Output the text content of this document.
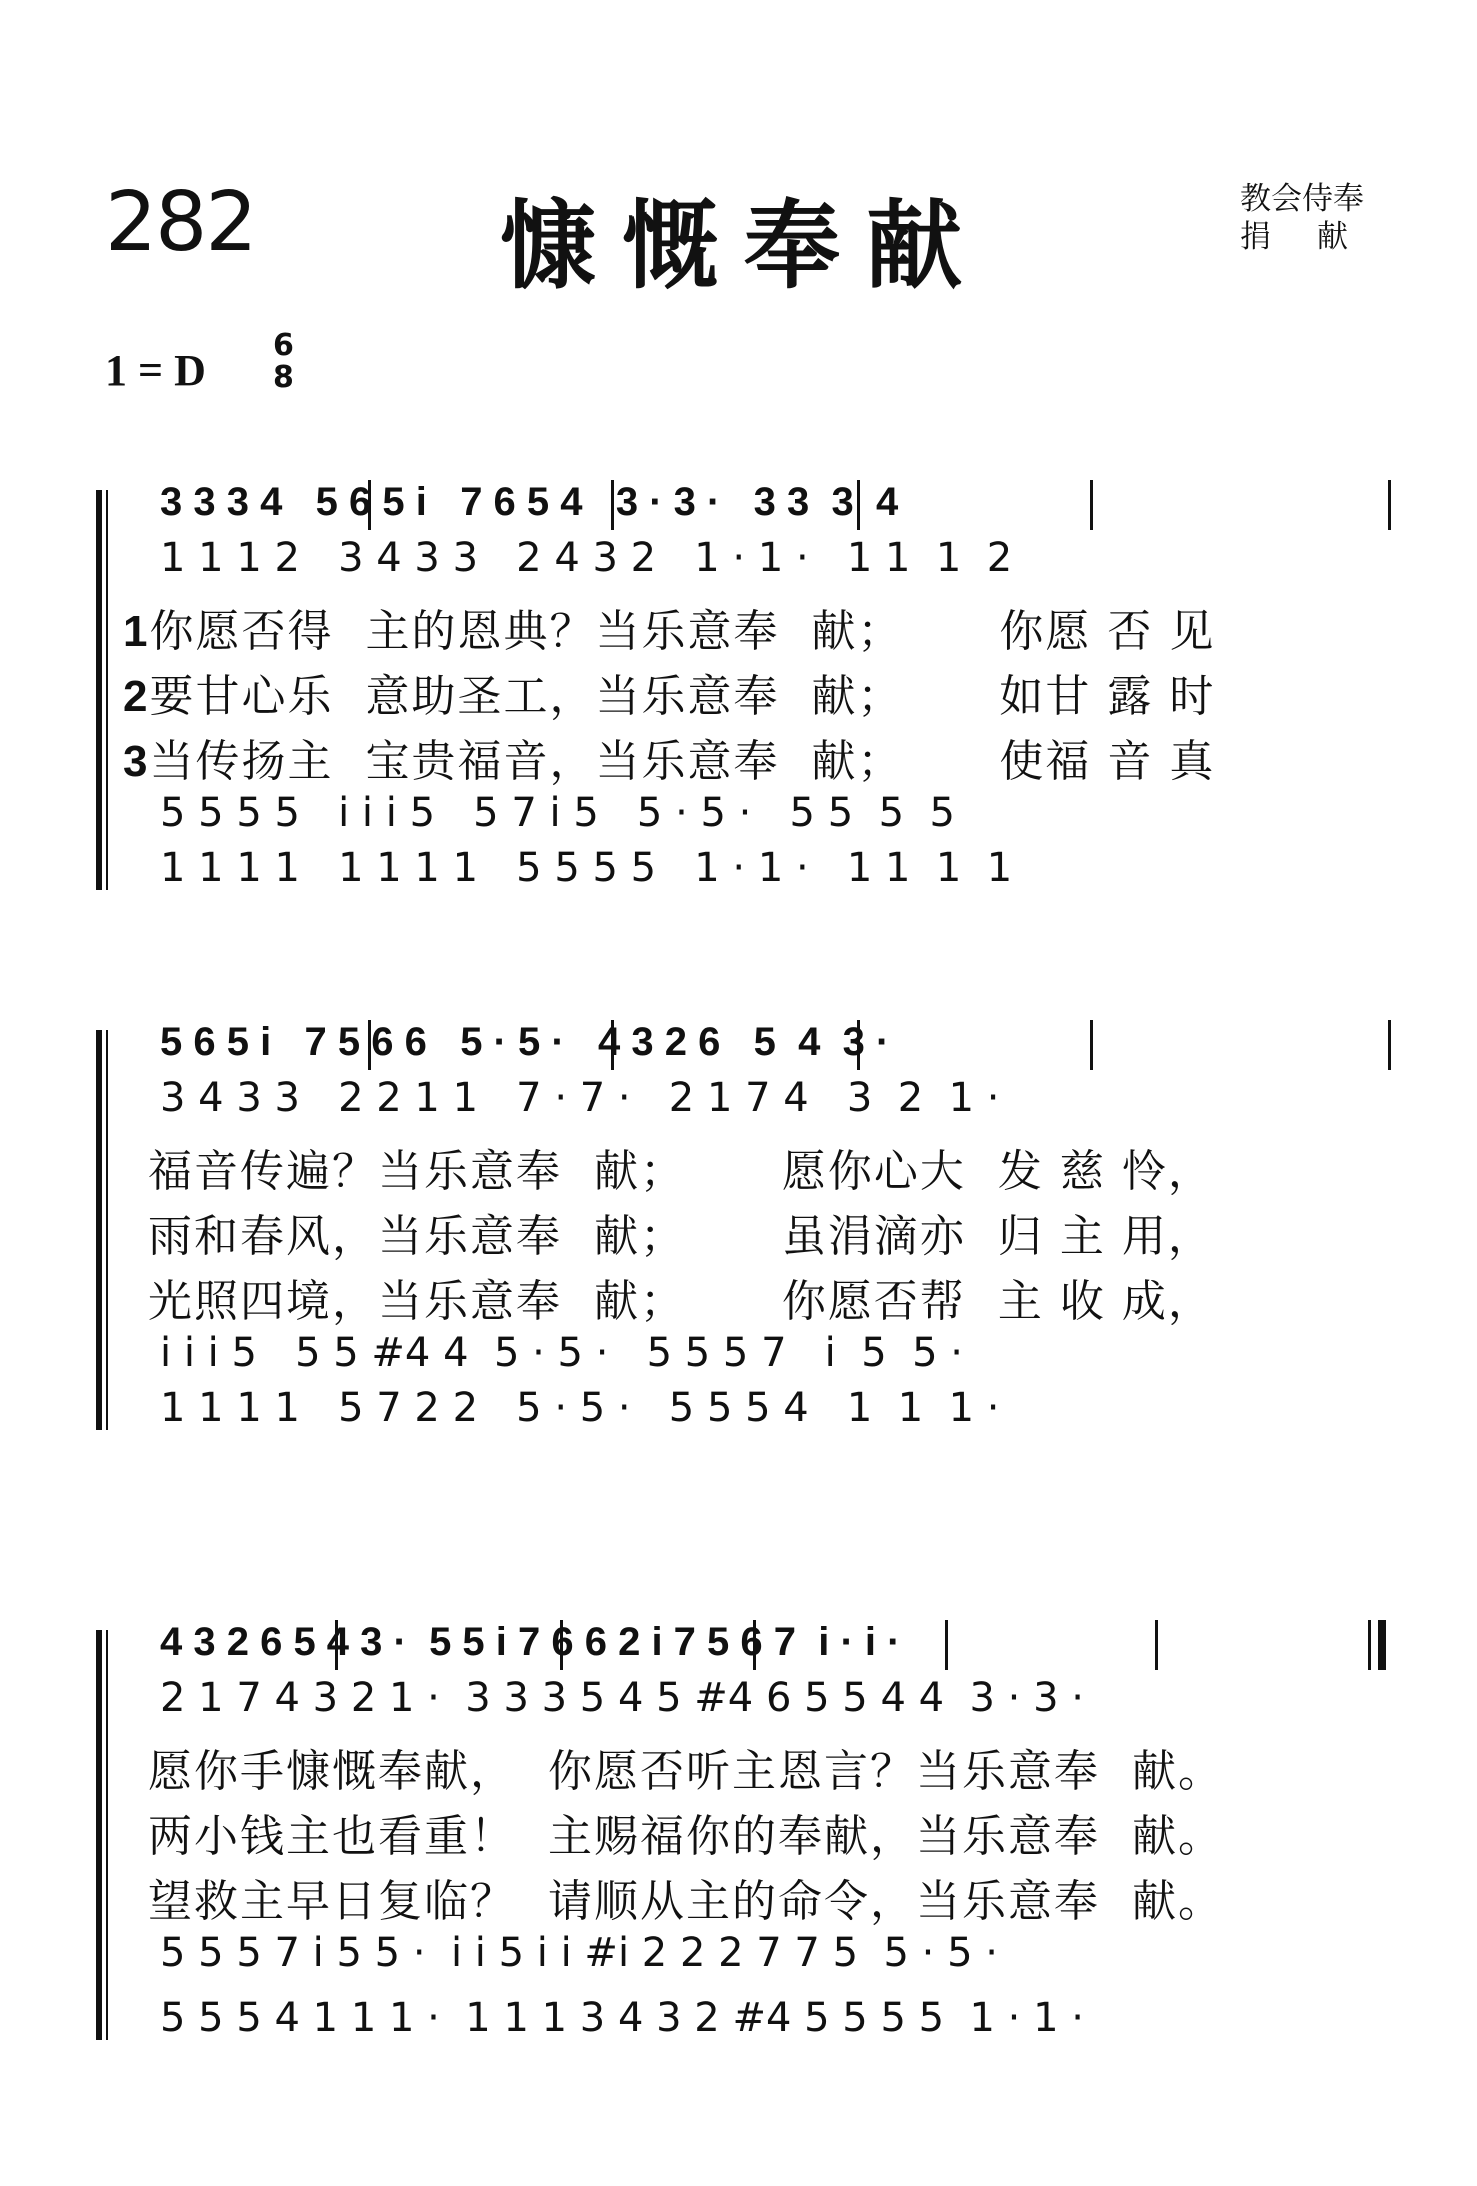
282	慷慨奉献	教会侍奉
捐献
1 = D
6
8
3 3 3 4   5 6 5 i   7 6 5 4   3 · 3 ·   3 3  3  4
1 1 1 2   3 4 3 3   2 4 3 2   1 · 1 ·   1 1  1  2
1你愿否得  主的恩典？当乐意奉  献；      你愿 否 见
2要甘心乐  意助圣工，当乐意奉  献；      如甘 露 时
3当传扬主  宝贵福音，当乐意奉  献；      使福 音 真
5 5 5 5   i i i 5   5 7 i 5   5 · 5 ·   5 5  5  5
1 1 1 1   1 1 1 1   5 5 5 5   1 · 1 ·   1 1  1  1
5 6 5 i   7 5 6 6   5 · 5 ·   4 3 2 6   5  4  3 ·
3 4 3 3   2 2 1 1   7 · 7 ·   2 1 7 4   3  2  1 ·
福音传遍？当乐意奉  献；      愿你心大  发 慈 怜，
雨和春风，当乐意奉  献；      虽涓滴亦  归 主 用，
光照四境，当乐意奉  献；      你愿否帮  主 收 成，
i i i 5   5 5 #4 4  5 · 5 ·   5 5 5 7   i  5  5 ·
1 1 1 1   5 7 2 2   5 · 5 ·   5 5 5 4   1  1  1 ·
4 3 2 6 5 4 3 ·  5 5 i 7 6 6 2 i 7 5 6 7  i · i ·
2 1 7 4 3 2 1 ·  3 3 3 5 4 5 #4 6 5 5 4 4  3 · 3 ·
愿你手慷慨奉献，  你愿否听主恩言？当乐意奉  献。
两小钱主也看重！  主赐福你的奉献，当乐意奉  献。
望救主早日复临？  请顺从主的命令，当乐意奉  献。
5 5 5 7 i 5 5 ·  i i 5 i i #i 2 2 2 7 7 5  5 · 5 ·
5 5 5 4 1 1 1 ·  1 1 1 3 4 3 2 #4 5 5 5 5  1 · 1 ·
